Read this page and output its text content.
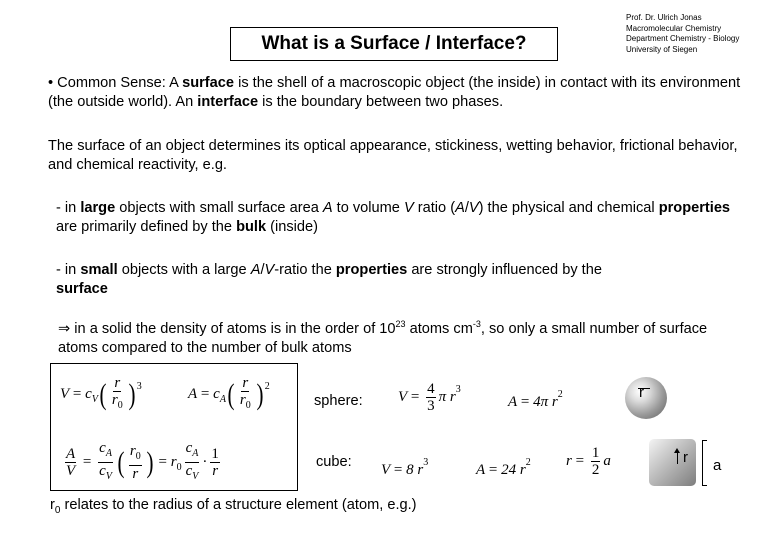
What is a Surface / Interface?
Prof. Dr. Ulrich Jonas
Macromolecular Chemistry
Department Chemistry - Biology
University of Siegen
• Common Sense: A surface is the shell of a macroscopic object (the inside) in contact with its environment (the outside world). An interface is the boundary between two phases.
The surface of an object determines its optical appearance, stickiness, wetting behavior, frictional behavior, and chemical reactivity, e.g.
- in large objects with small surface area A to volume V ratio (A/V) the physical and chemical properties are primarily defined by the bulk (inside)
- in small objects with a large A/V-ratio the properties are strongly influenced by the
surface
⇒ in a solid the density of atoms is in the order of $10^{23}$ atoms $cm^{-3}$, so only a small number of surface atoms compared to the number of bulk atoms
$V = c_V( \frac{r}{r_0}$ ) $^3$	$A = c_A( \frac{r}{r_0}$ ) $^2$
$\frac{A}{V} = \frac{c_A}{c_V}$ ( $\frac{r_0}{r}$ ) = $r_0 \frac{c_A}{c_V} \cdot \frac{1}{r}$
sphere: $V = \frac{4}{3}$ π $r^3$
A = 4π $r^2$	r
cube: V = 8 $r^3$	A = 24 $r^2$ $r = \frac{1}{2}$ a	r a
$r_0$ relates to the radius of a structure element (atom, e.g.)
